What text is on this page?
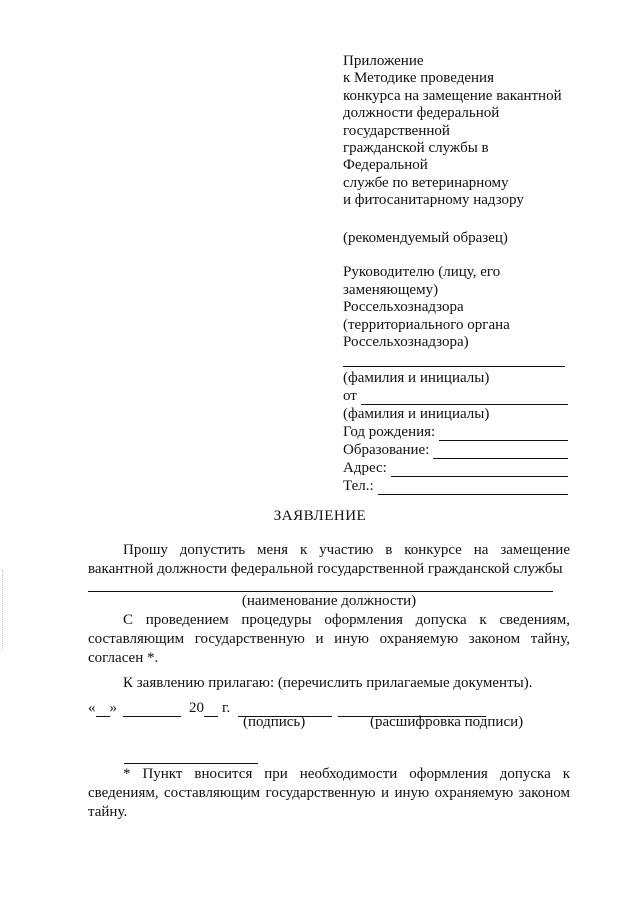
Приложение
к Методике проведения
конкурса на замещение вакантной
должности федеральной
государственной
гражданской службы в
Федеральной
службе по ветеринарному
и фитосанитарному надзору
(рекомендуемый образец)
Руководителю (лицу, его
заменяющему)
Россельхознадзора
(территориального органа
Россельхознадзора)
(фамилия и инициалы)
от
(фамилия и инициалы)
Год рождения:
Образование:
Адрес:
Тел.:
ЗАЯВЛЕНИЕ

Прошу допустить меня к участию в конкурсе на замещение вакантной должности федеральной государственной гражданской службы

(наименование должности)

С проведением процедуры оформления допуска к сведениям, составляющим государственную и иную охраняемую законом тайну, согласен *.

К заявлению прилагаю: (перечислить прилагаемые документы).

« »	20 г.
(подпись)	(расшифровка подписи)

* Пункт вносится при необходимости оформления допуска к сведениям, составляющим государственную и иную охраняемую законом тайну.
